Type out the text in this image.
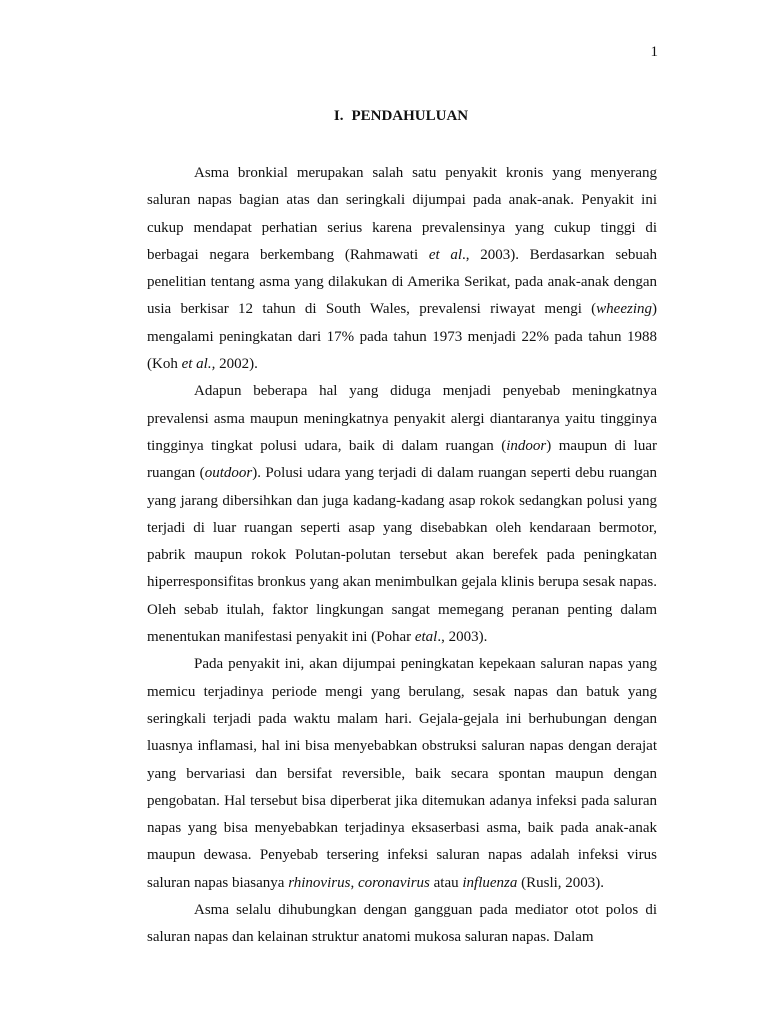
1
I. PENDAHULUAN

Asma bronkial merupakan salah satu penyakit kronis yang menyerang saluran napas bagian atas dan seringkali dijumpai pada anak-anak. Penyakit ini cukup mendapat perhatian serius karena prevalensinya yang cukup tinggi di berbagai negara berkembang (Rahmawati et al., 2003). Berdasarkan sebuah penelitian tentang asma yang dilakukan di Amerika Serikat, pada anak-anak dengan usia berkisar 12 tahun di South Wales, prevalensi riwayat mengi (wheezing) mengalami peningkatan dari 17% pada tahun 1973 menjadi 22% pada tahun 1988 (Koh et al., 2002).

Adapun beberapa hal yang diduga menjadi penyebab meningkatnya prevalensi asma maupun meningkatnya penyakit alergi diantaranya yaitu tingginya tingginya tingkat polusi udara, baik di dalam ruangan (indoor) maupun di luar ruangan (outdoor). Polusi udara yang terjadi di dalam ruangan seperti debu ruangan yang jarang dibersihkan dan juga kadang-kadang asap rokok sedangkan polusi yang terjadi di luar ruangan seperti asap yang disebabkan oleh kendaraan bermotor, pabrik maupun rokok Polutan-polutan tersebut akan berefek pada peningkatan hiperresponsifitas bronkus yang akan menimbulkan gejala klinis berupa sesak napas. Oleh sebab itulah, faktor lingkungan sangat memegang peranan penting dalam menentukan manifestasi penyakit ini (Pohar etal., 2003).

Pada penyakit ini, akan dijumpai peningkatan kepekaan saluran napas yang memicu terjadinya periode mengi yang berulang, sesak napas dan batuk yang seringkali terjadi pada waktu malam hari. Gejala-gejala ini berhubungan dengan luasnya inflamasi, hal ini bisa menyebabkan obstruksi saluran napas dengan derajat yang bervariasi dan bersifat reversible, baik secara spontan maupun dengan pengobatan. Hal tersebut bisa diperberat jika ditemukan adanya infeksi pada saluran napas yang bisa menyebabkan terjadinya eksaserbasi asma, baik pada anak-anak maupun dewasa. Penyebab tersering infeksi saluran napas adalah infeksi virus saluran napas biasanya rhinovirus, coronavirus atau influenza (Rusli, 2003).

Asma selalu dihubungkan dengan gangguan pada mediator otot polos di saluran napas dan kelainan struktur anatomi mukosa saluran napas. Dalam
